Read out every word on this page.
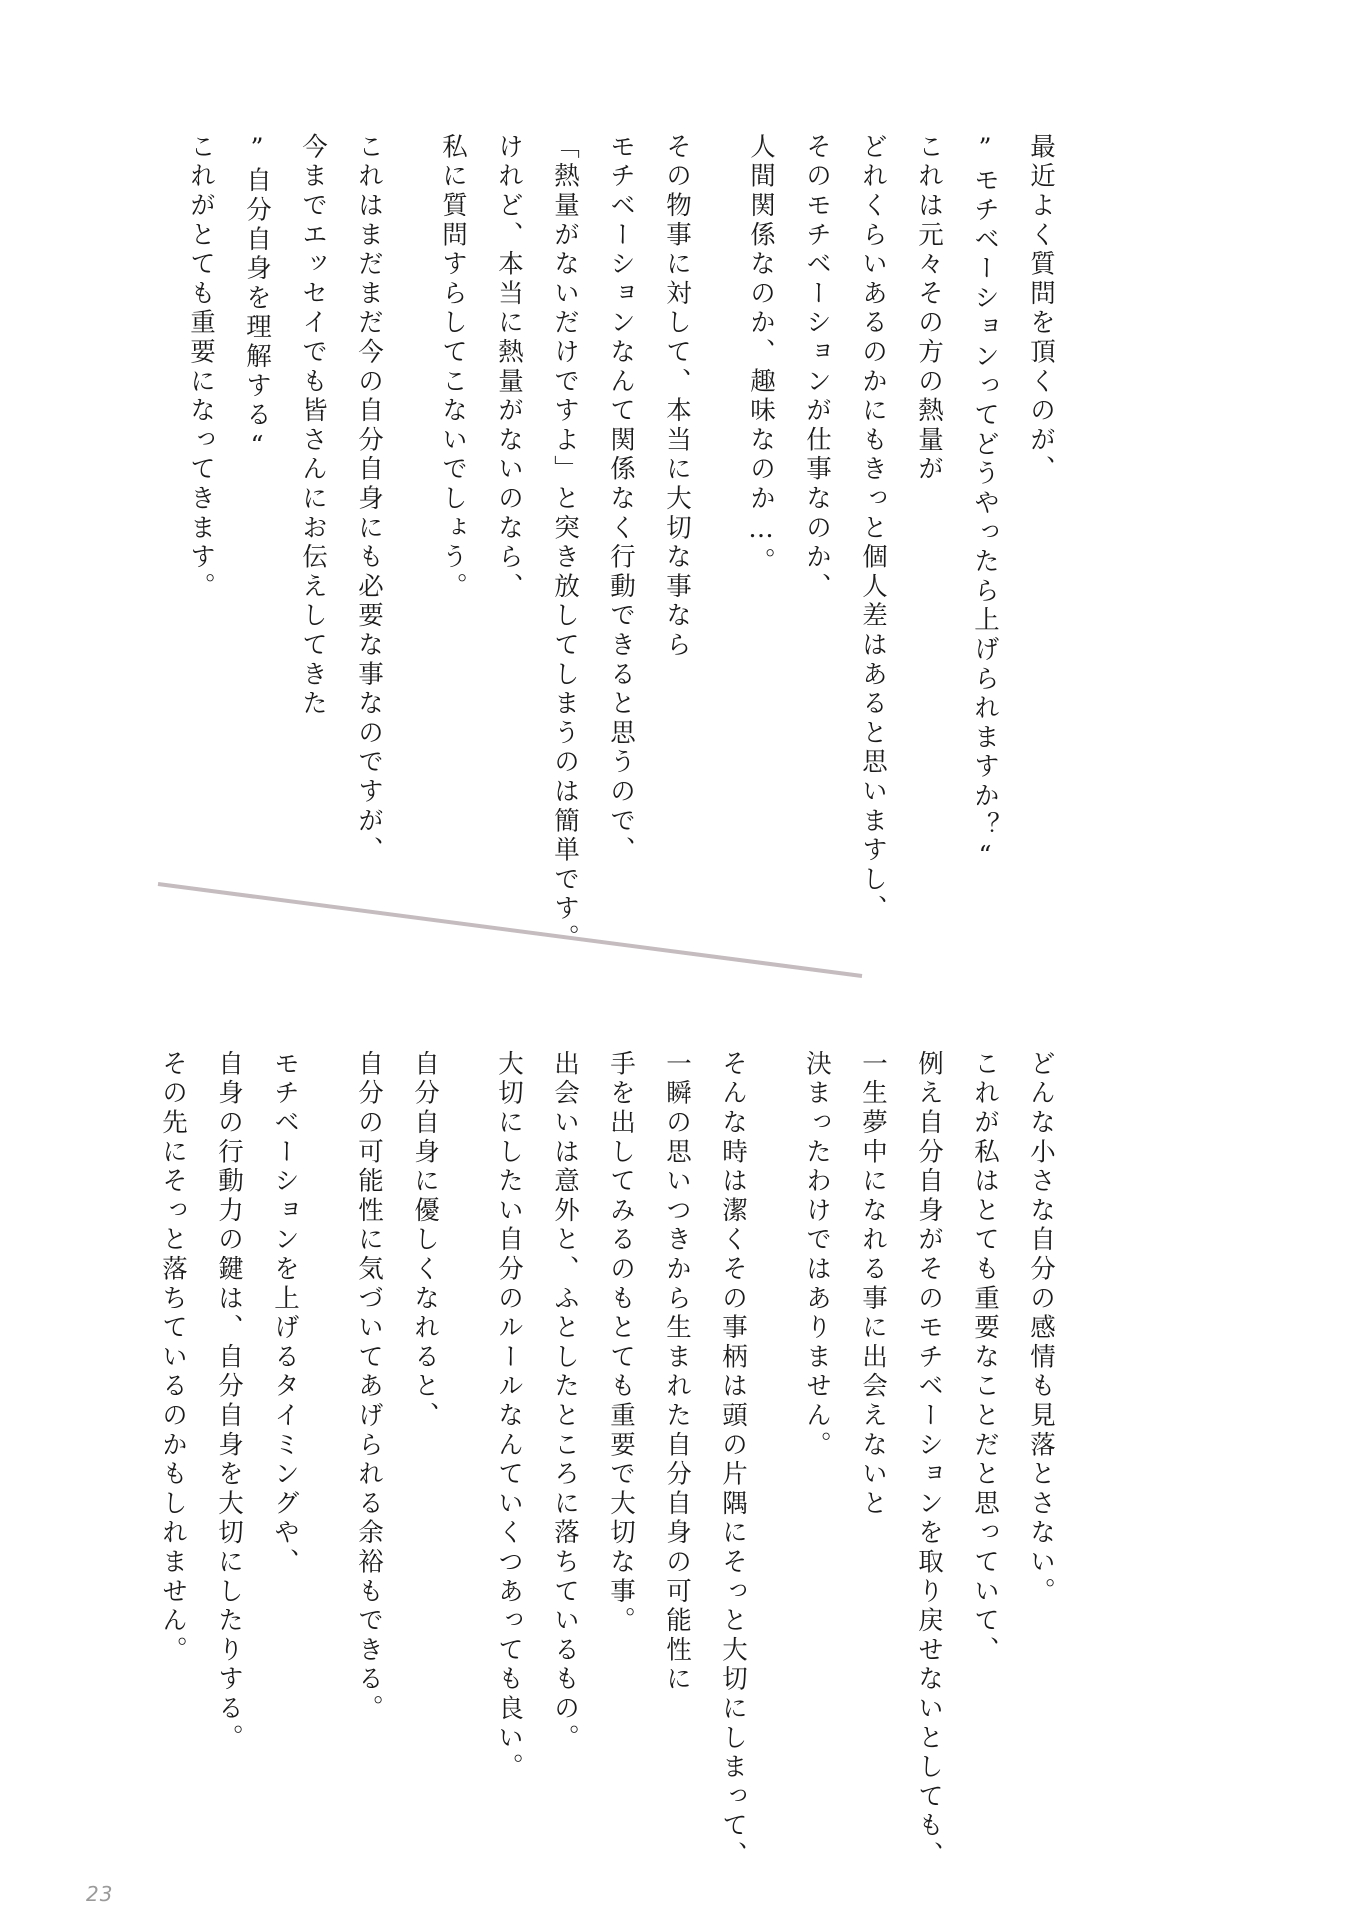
最近よく質問を頂くのが、
”モチベーションってどうやったら上げられますか？“
これは元々その方の熱量が
どれくらいあるのかにもきっと個人差はあると思いますし、
そのモチベーションが仕事なのか、
人間関係なのか、趣味なのか…。
その物事に対して、本当に大切な事なら
モチベーションなんて関係なく行動できると思うので、
「熱量がないだけですよ」と突き放してしまうのは簡単です。
けれど、本当に熱量がないのなら、
私に質問すらしてこないでしょう。
これはまだまだ今の自分自身にも必要な事なのですが、
今までエッセイでも皆さんにお伝えしてきた
”自分自身を理解する“
これがとても重要になってきます。
どんな小さな自分の感情も見落とさない。
これが私はとても重要なことだと思っていて、
例え自分自身がそのモチベーションを取り戻せないとしても、
一生夢中になれる事に出会えないと
決まったわけではありません。
そんな時は潔くその事柄は頭の片隅にそっと大切にしまって、
一瞬の思いつきから生まれた自分自身の可能性に
手を出してみるのもとても重要で大切な事。
出会いは意外と、ふとしたところに落ちているもの。
大切にしたい自分のルールなんていくつあっても良い。
自分自身に優しくなれると、
自分の可能性に気づいてあげられる余裕もできる。
モチベーションを上げるタイミングや、
自身の行動力の鍵は、自分自身を大切にしたりする。
その先にそっと落ちているのかもしれません。
23
